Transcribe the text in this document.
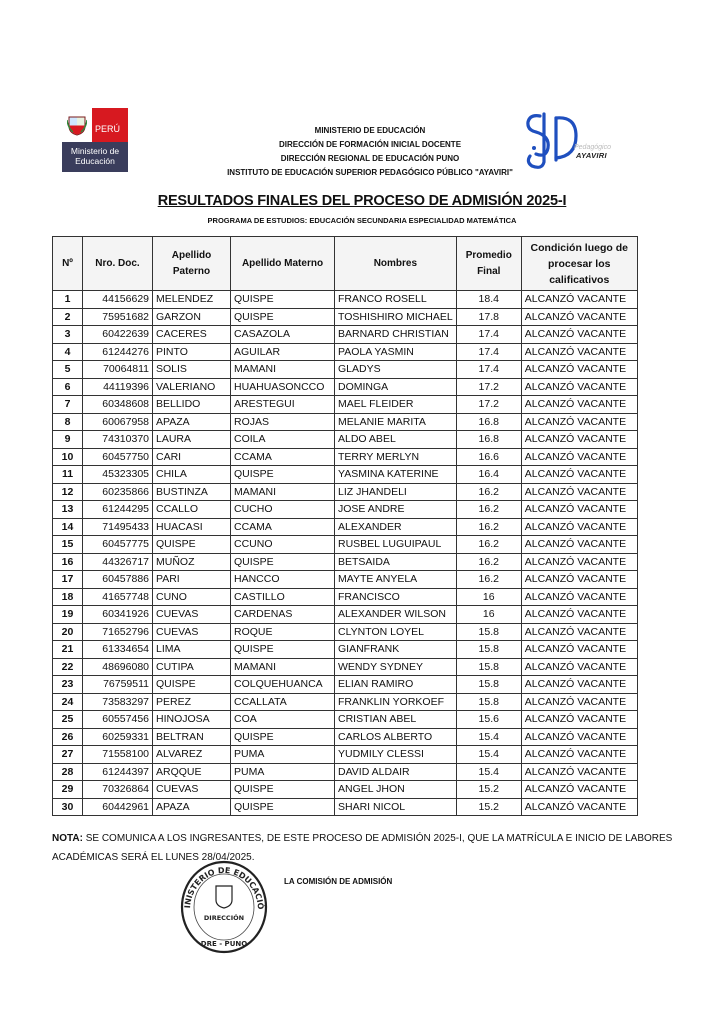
PERÚ
Ministerio de
Educación
MINISTERIO DE EDUCACIÓN
DIRECCIÓN DE FORMACIÓN INICIAL DOCENTE
DIRECCIÓN REGIONAL DE EDUCACIÓN PUNO
INSTITUTO DE EDUCACIÓN SUPERIOR PEDAGÓGICO PÚBLICO "AYAVIRI"
Pedagógico
AYAVIRI
RESULTADOS FINALES DEL PROCESO DE ADMISIÓN 2025-I
PROGRAMA DE ESTUDIOS: EDUCACIÓN SECUNDARIA ESPECIALIDAD MATEMÁTICA
Nº	Nro. Doc.	Apellido Paterno	Apellido Materno	Nombres	Promedio Final	Condición luego de procesar los calificativos
1	44156629	MELENDEZ	QUISPE	FRANCO ROSELL	18.4	ALCANZÓ VACANTE
2	75951682	GARZON	QUISPE	TOSHISHIRO MICHAEL	17.8	ALCANZÓ VACANTE
3	60422639	CACERES	CASAZOLA	BARNARD CHRISTIAN	17.4	ALCANZÓ VACANTE
4	61244276	PINTO	AGUILAR	PAOLA YASMIN	17.4	ALCANZÓ VACANTE
5	70064811	SOLIS	MAMANI	GLADYS	17.4	ALCANZÓ VACANTE
6	44119396	VALERIANO	HUAHUASONCCO	DOMINGA	17.2	ALCANZÓ VACANTE
7	60348608	BELLIDO	ARESTEGUI	MAEL FLEIDER	17.2	ALCANZÓ VACANTE
8	60067958	APAZA	ROJAS	MELANIE MARITA	16.8	ALCANZÓ VACANTE
9	74310370	LAURA	COILA	ALDO ABEL	16.8	ALCANZÓ VACANTE
10	60457750	CARI	CCAMA	TERRY MERLYN	16.6	ALCANZÓ VACANTE
11	45323305	CHILA	QUISPE	YASMINA KATERINE	16.4	ALCANZÓ VACANTE
12	60235866	BUSTINZA	MAMANI	LIZ JHANDELI	16.2	ALCANZÓ VACANTE
13	61244295	CCALLO	CUCHO	JOSE ANDRE	16.2	ALCANZÓ VACANTE
14	71495433	HUACASI	CCAMA	ALEXANDER	16.2	ALCANZÓ VACANTE
15	60457775	QUISPE	CCUNO	RUSBEL LUGUIPAUL	16.2	ALCANZÓ VACANTE
16	44326717	MUÑOZ	QUISPE	BETSAIDA	16.2	ALCANZÓ VACANTE
17	60457886	PARI	HANCCO	MAYTE ANYELA	16.2	ALCANZÓ VACANTE
18	41657748	CUNO	CASTILLO	FRANCISCO	16	ALCANZÓ VACANTE
19	60341926	CUEVAS	CARDENAS	ALEXANDER WILSON	16	ALCANZÓ VACANTE
20	71652796	CUEVAS	ROQUE	CLYNTON LOYEL	15.8	ALCANZÓ VACANTE
21	61334654	LIMA	QUISPE	GIANFRANK	15.8	ALCANZÓ VACANTE
22	48696080	CUTIPA	MAMANI	WENDY SYDNEY	15.8	ALCANZÓ VACANTE
23	76759511	QUISPE	COLQUEHUANCA	ELIAN RAMIRO	15.8	ALCANZÓ VACANTE
24	73583297	PEREZ	CCALLATA	FRANKLIN YORKOEF	15.8	ALCANZÓ VACANTE
25	60557456	HINOJOSA	COA	CRISTIAN ABEL	15.6	ALCANZÓ VACANTE
26	60259331	BELTRAN	QUISPE	CARLOS ALBERTO	15.4	ALCANZÓ VACANTE
27	71558100	ALVAREZ	PUMA	YUDMILY CLESSI	15.4	ALCANZÓ VACANTE
28	61244397	ARQQUE	PUMA	DAVID ALDAIR	15.4	ALCANZÓ VACANTE
29	70326864	CUEVAS	QUISPE	ANGEL JHON	15.2	ALCANZÓ VACANTE
30	60442961	APAZA	QUISPE	SHARI NICOL	15.2	ALCANZÓ VACANTE
NOTA: SE COMUNICA A LOS INGRESANTES, DE ESTE PROCESO DE ADMISIÓN 2025-I, QUE LA MATRÍCULA E INICIO DE LABORES ACADÉMICAS SERÁ EL LUNES 28/04/2025.
INISTERIO DE EDUCACIÓ
DIRECCIÓN
DRE - PUNO
LA COMISIÓN DE ADMISIÓN
